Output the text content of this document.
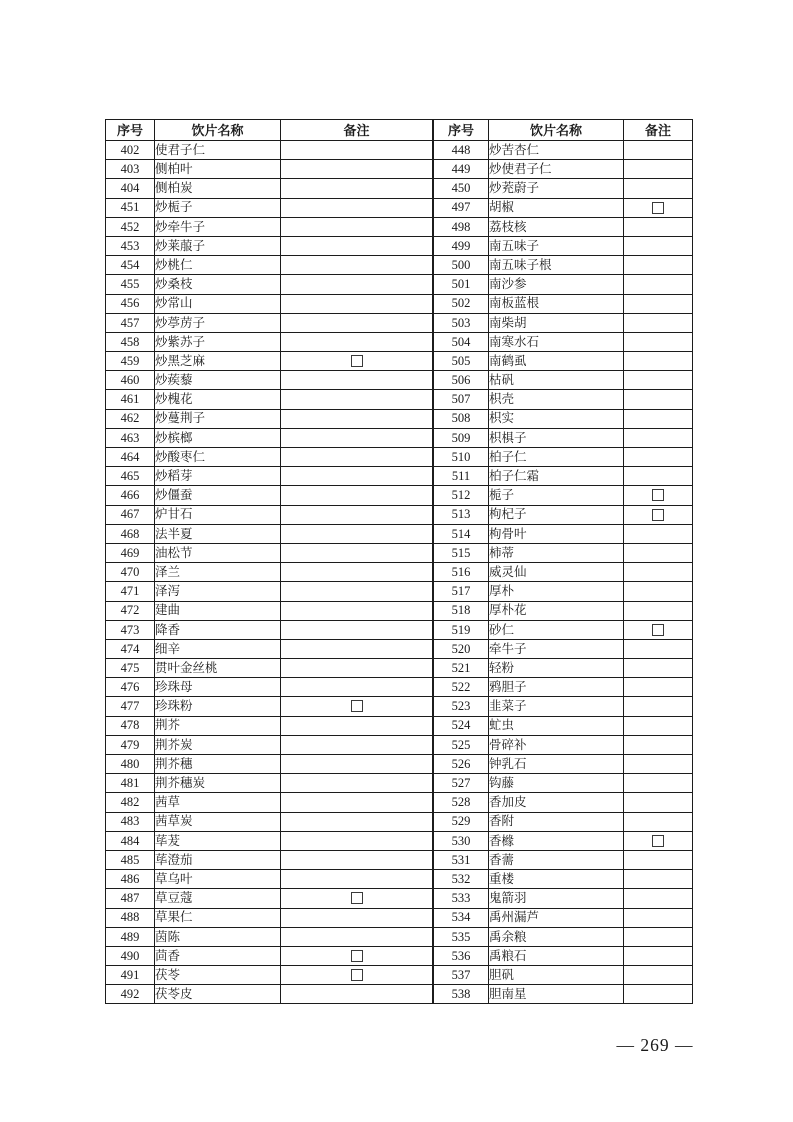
序号	饮片名称	备注
402	使君子仁	
403	侧柏叶	
404	侧柏炭	
451	炒栀子	
452	炒牵牛子	
453	炒莱菔子	
454	炒桃仁	
455	炒桑枝	
456	炒常山	
457	炒葶苈子	
458	炒紫苏子	
459	炒黑芝麻	
460	炒蒺藜	
461	炒槐花	
462	炒蔓荆子	
463	炒槟榔	
464	炒酸枣仁	
465	炒稻芽	
466	炒僵蚕	
467	炉甘石	
468	法半夏	
469	油松节	
470	泽兰	
471	泽泻	
472	建曲	
473	降香	
474	细辛	
475	贯叶金丝桃	
476	珍珠母	
477	珍珠粉	
478	荆芥	
479	荆芥炭	
480	荆芥穗	
481	荆芥穗炭	
482	茜草	
483	茜草炭	
484	荜茇	
485	荜澄茄	
486	草乌叶	
487	草豆蔻	
488	草果仁	
489	茵陈	
490	茴香	
491	茯苓	
492	茯苓皮	
序号	饮片名称	备注
448	炒苦杏仁	
449	炒使君子仁	
450	炒茺蔚子	
497	胡椒	
498	荔枝核	
499	南五味子	
500	南五味子根	
501	南沙参	
502	南板蓝根	
503	南柴胡	
504	南寒水石	
505	南鹤虱	
506	枯矾	
507	枳壳	
508	枳实	
509	枳椇子	
510	柏子仁	
511	柏子仁霜	
512	栀子	
513	枸杞子	
514	枸骨叶	
515	柿蒂	
516	威灵仙	
517	厚朴	
518	厚朴花	
519	砂仁	
520	牵牛子	
521	轻粉	
522	鸦胆子	
523	韭菜子	
524	虻虫	
525	骨碎补	
526	钟乳石	
527	钩藤	
528	香加皮	
529	香附	
530	香橼	
531	香薷	
532	重楼	
533	鬼箭羽	
534	禹州漏芦	
535	禹余粮	
536	禹粮石	
537	胆矾	
538	胆南星	
— 269 —
